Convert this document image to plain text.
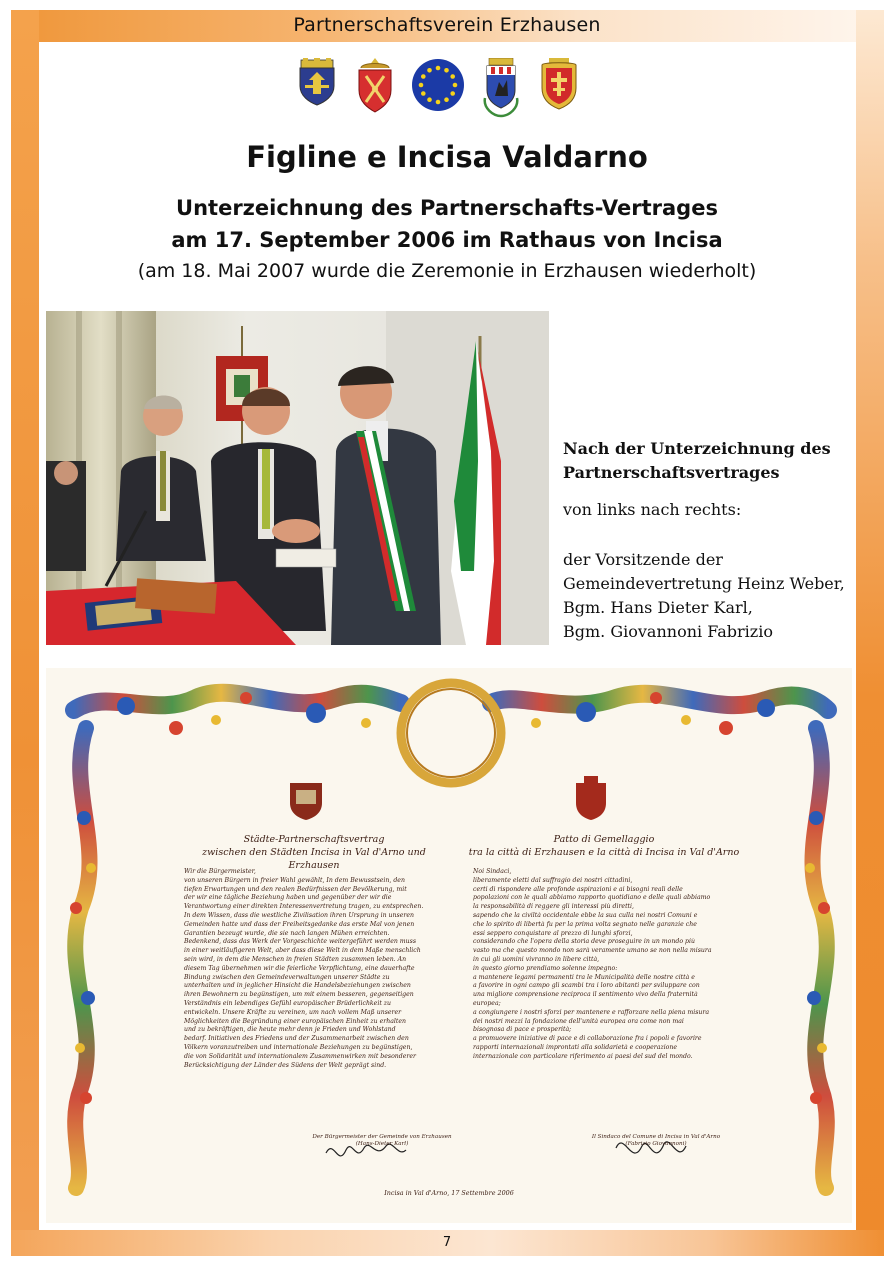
Partnerschaftsverein Erzhausen
Figline e Incisa Valdarno
Unterzeichnung des Partnerschafts-Vertrages
am 17. September 2006 im Rathaus von Incisa
(am 18. Mai 2007 wurde die Zeremonie in Erzhausen wiederholt)
Nach der Unterzeichnung des
Partnerschaftsvertrages
von links nach rechts:
der Vorsitzende der
Gemeindevertretung Heinz Weber,
Bgm. Hans Dieter Karl,
Bgm. Giovannoni Fabrizio
Städte-Partnerschaftsvertrag
zwischen den Städten Incisa in Val d'Arno und Erzhausen
Patto di Gemellaggio
tra la città di Erzhausen e la città di Incisa in Val d'Arno
Wir die Bürgermeister,
von unseren Bürgern in freier Wahl gewählt, In dem Bewusstsein, den
tiefen Erwartungen und den realen Bedürfnissen der Bevölkerung, mit
der wir eine tägliche Beziehung haben und gegenüber der wir die
Verantwortung einer direkten Interessenvertretung tragen, zu entsprechen.
In dem Wissen, dass die westliche Zivilisation ihren Ursprung in unseren
Gemeinden hatte und dass der Freiheitsgedanke das erste Mal von jenen
Garantien bezeugt wurde, die sie nach langen Mühen erreichten.
Bedenkend, dass das Werk der Vorgeschichte weitergeführt werden muss
in einer weitläufigeren Welt, aber dass diese Welt in dem Maße menschlich
sein wird, in dem die Menschen in freien Städten zusammen leben. An
diesem Tag übernehmen wir die feierliche Verpflichtung, eine dauerhafte
Bindung zwischen den Gemeindeverwaltungen unserer Städte zu
unterhalten und in jeglicher Hinsicht die Handelsbeziehungen zwischen
ihren Bewohnern zu begünstigen, um mit einem besseren, gegenseitigen
Verständnis ein lebendiges Gefühl europäischer Brüderlichkeit zu
entwickeln. Unsere Kräfte zu vereinen, um nach vollem Maß unserer
Möglichkeiten die Begründung einer europäischen Einheit zu erhalten
und zu bekräftigen, die heute mehr denn je Frieden und Wohlstand
bedarf. Initiativen des Friedens und der Zusammenarbeit zwischen den
Völkern voranzutreiben und internationale Beziehungen zu begünstigen,
die von Solidarität und internationalem Zusammenwirken mit besonderer
Berücksichtigung der Länder des Südens der Welt geprägt sind.
Noi Sindaci,
liberamente eletti dal suffragio dei nostri cittadini,
certi di rispondere alle profonde aspirazioni e ai bisogni reali delle
popolazioni con le quali abbiamo rapporto quotidiano e delle quali abbiamo
la responsabilità di reggere gli interessi più diretti,
sapendo che la civiltà occidentale ebbe la sua culla nei nostri Comuni e
che lo spirito di libertà fu per la prima volta segnato nelle garanzie che
essi seppero conquistare al prezzo di lunghi sforzi,
considerando che l'opera della storia deve proseguire in un mondo più
vasto ma che questo mondo non sarà veramente umano se non nella misura
in cui gli uomini vivranno in libere città,
in questo giorno prendiamo solenne impegno:
a mantenere legami permanenti tra le Municipalità delle nostre città e
a favorire in ogni campo gli scambi tra i loro abitanti per sviluppare con
una migliore comprensione reciproca il sentimento vivo della fraternità
europea;
a congiungere i nostri sforzi per mantenere e rafforzare nella piena misura
dei nostri mezzi la fondazione dell'unità europea ora come non mai
bisognosa di pace e prosperità;
a promuovere iniziative di pace e di collaborazione fra i popoli e favorire
rapporti internazionali improntati alla solidarietà e cooperazione
internazionale con particolare riferimento ai paesi del sud del mondo.
Der Bürgermeister der Gemeinde von Erzhausen
(Hans-Dieter Karl)
Il Sindaco del Comune di Incisa in Val d'Arno
(Fabrizio Giovannoni)
Incisa in Val d'Arno, 17 Settembre 2006
7
